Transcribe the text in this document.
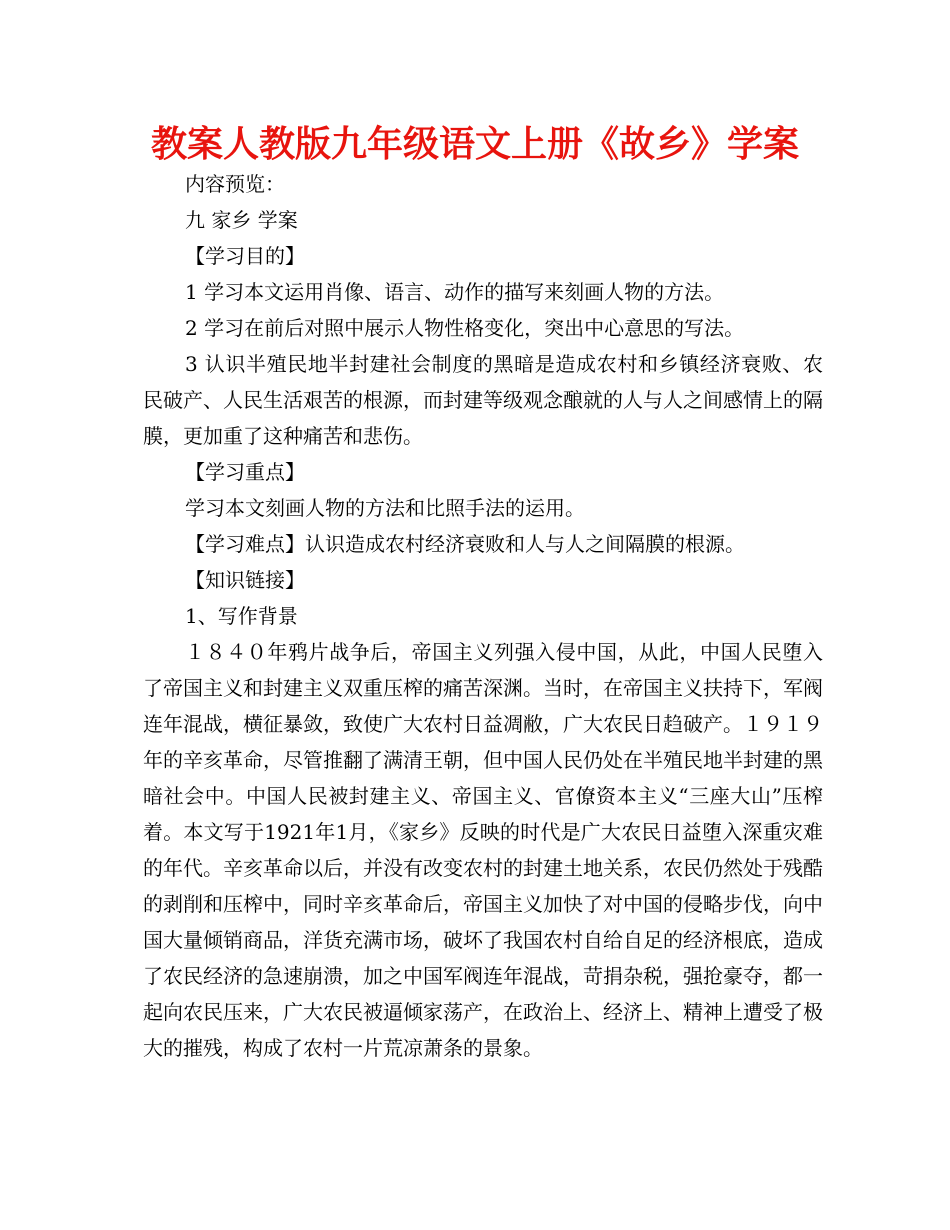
教案人教版九年级语文上册《故乡》学案

内容预览：

九 家乡 学案

【学习目的】

1 学习本文运用肖像、语言、动作的描写来刻画人物的方法。

2 学习在前后对照中展示人物性格变化，突出中心意思的写法。

3 认识半殖民地半封建社会制度的黑暗是造成农村和乡镇经济衰败、农民破产、人民生活艰苦的根源，而封建等级观念酿就的人与人之间感情上的隔膜，更加重了这种痛苦和悲伤。

【学习重点】

学习本文刻画人物的方法和比照手法的运用。

【学习难点】认识造成农村经济衰败和人与人之间隔膜的根源。

【知识链接】

1、写作背景

１８４０年鸦片战争后，帝国主义列强入侵中国，从此，中国人民堕入了帝国主义和封建主义双重压榨的痛苦深渊。当时，在帝国主义扶持下，军阀连年混战，横征暴敛，致使广大农村日益凋敝，广大农民日趋破产。１９１９年的辛亥革命，尽管推翻了满清王朝，但中国人民仍处在半殖民地半封建的黑暗社会中。中国人民被封建主义、帝国主义、官僚资本主义“三座大山”压榨着。本文写于1921年1月，《家乡》反映的时代是广大农民日益堕入深重灾难的年代。辛亥革命以后，并没有改变农村的封建土地关系，农民仍然处于残酷的剥削和压榨中，同时辛亥革命后，帝国主义加快了对中国的侵略步伐，向中国大量倾销商品，洋货充满市场，破坏了我国农村自给自足的经济根底，造成了农民经济的急速崩溃，加之中国军阀连年混战，苛捐杂税，强抢豪夺，都一起向农民压来，广大农民被逼倾家荡产，在政治上、经济上、精神上遭受了极大的摧残，构成了农村一片荒凉萧条的景象。
